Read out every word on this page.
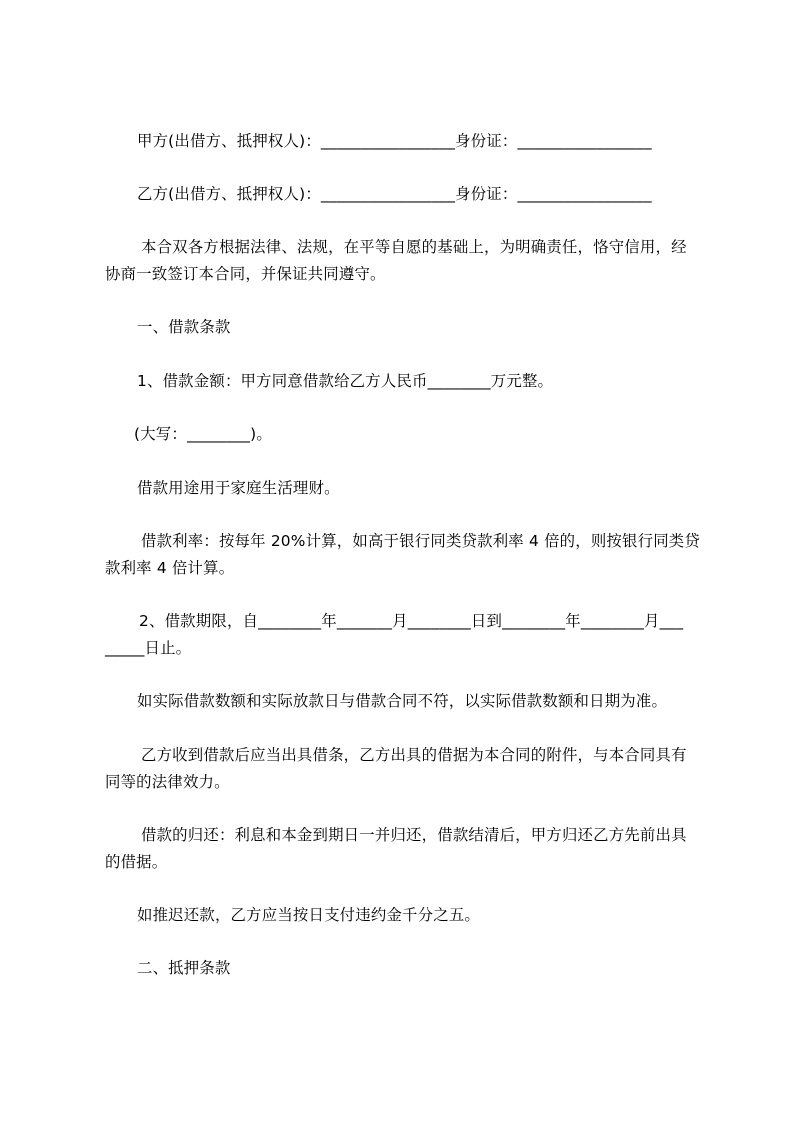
甲方(出借方、抵押权人)：_________________身份证：_________________
乙方(出借方、抵押权人)：_________________身份证：_________________
本合双各方根据法律、法规，在平等自愿的基础上，为明确责任，恪守信用，经
协商一致签订本合同，并保证共同遵守。
一、借款条款
1、借款金额：甲方同意借款给乙方人民币________万元整。
(大写：________)。
借款用途用于家庭生活理财。
借款利率：按每年 20%计算，如高于银行同类贷款利率 4 倍的，则按银行同类贷
款利率 4 倍计算。
2、借款期限，自________年_______月________日到________年________月___
_____日止。
如实际借款数额和实际放款日与借款合同不符，以实际借款数额和日期为准。
乙方收到借款后应当出具借条，乙方出具的借据为本合同的附件，与本合同具有
同等的法律效力。
借款的归还：利息和本金到期日一并归还，借款结清后，甲方归还乙方先前出具
的借据。
如推迟还款，乙方应当按日支付违约金千分之五。
二、抵押条款
